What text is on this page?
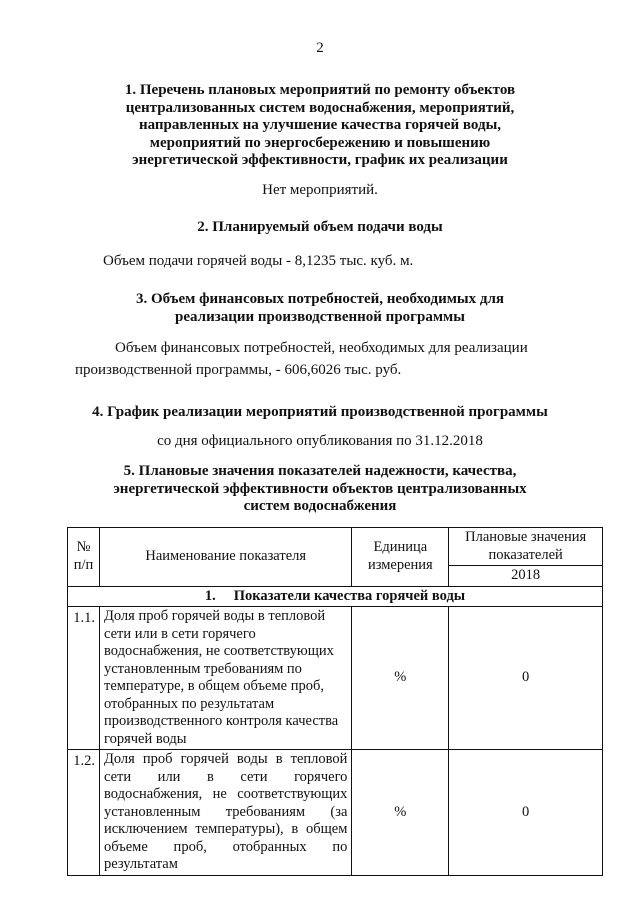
2
1. Перечень плановых мероприятий по ремонту объектов
централизованных систем водоснабжения, мероприятий,
направленных на улучшение качества горячей воды,
мероприятий по энергосбережению и повышению
энергетической эффективности, график их реализации
Нет мероприятий.
2. Планируемый объем подачи воды
Объем подачи горячей воды - 8,1235 тыс. куб. м.
3. Объем финансовых потребностей, необходимых для
реализации производственной программы
Объем финансовых потребностей, необходимых для реализации
производственной программы, - 606,6026 тыс. руб.
4. График реализации мероприятий производственной программы
со дня официального опубликования по 31.12.2018
5. Плановые значения показателей надежности, качества,
энергетической эффективности объектов централизованных
систем водоснабжения
№ п/п	Наименование показателя	Единица измерения	Плановые значения показателей
			2018
1. Показатели качества горячей воды			
1.1.	Доля проб горячей воды в тепловой сети или в сети горячего водоснабжения, не соответствующих установленным требованиям по температуре, в общем объеме проб, отобранных по результатам производственного контроля качества горячей воды	%	0
1.2.	Доля проб горячей воды в тепловой сети или в сети горячего водоснабжения, не соответствующих установленным требованиям (за исключением температуры), в общем объеме проб, отобранных по результатам	%	0
